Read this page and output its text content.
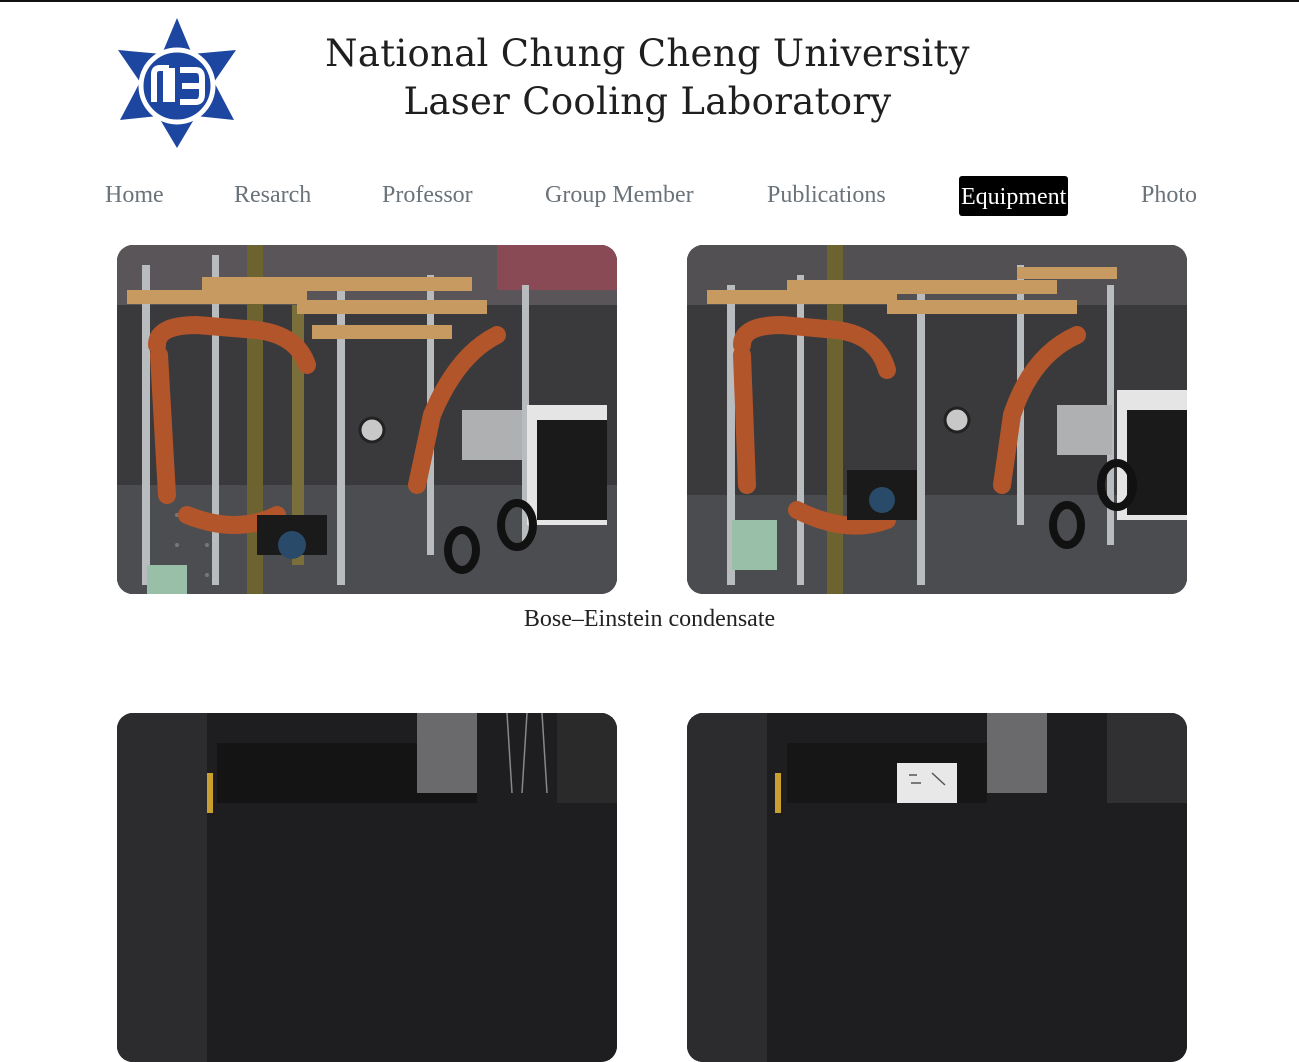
National Chung Cheng University
Laser Cooling Laboratory
Home	Resarch	Professor	Group Member	Publications	Equipment	Photo
Bose–Einstein condensate
